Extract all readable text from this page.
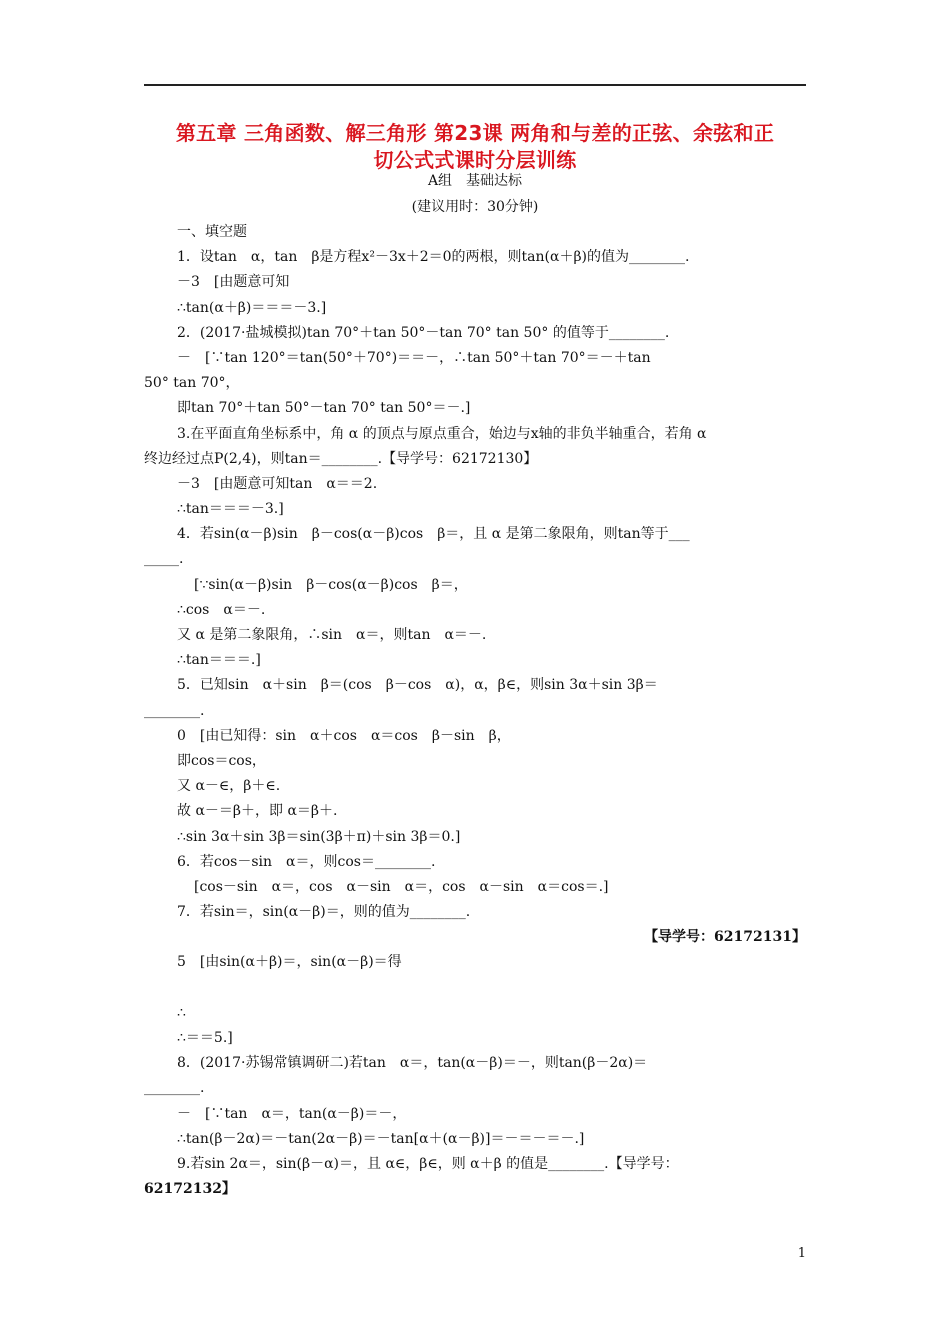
第五章 三角函数、解三角形 第23课 两角和与差的正弦、余弦和正
切公式式课时分层训练
A组　基础达标
(建议用时：30分钟)
一、填空题
1．设tan　α，tan　β是方程x²－3x＋2＝0的两根，则tan(α＋β)的值为________.
－3　[由题意可知
∴tan(α＋β)＝＝＝－3.]
2．(2017·盐城模拟)tan 70°＋tan 50°－tan 70° tan 50° 的值等于________.
－　[∵tan 120°＝tan(50°＋70°)＝＝－，∴tan 50°＋tan 70°＝－＋tan
50° tan 70°，
即tan 70°＋tan 50°－tan 70° tan 50°＝－.]
3.在平面直角坐标系中，角 α 的顶点与原点重合，始边与x轴的非负半轴重合，若角 α
终边经过点P(2,4)，则tan＝________.【导学号：62172130】
－3　[由题意可知tan　α＝＝2.
∴tan＝＝＝－3.]
4．若sin(α－β)sin　β－cos(α－β)cos　β＝，且 α 是第二象限角，则tan等于___
_____.
[∵sin(α－β)sin　β－cos(α－β)cos　β＝，
∴cos　α＝－.
又 α 是第二象限角，∴sin　α＝，则tan　α＝－.
∴tan＝＝＝.]
5．已知sin　α＋sin　β＝(cos　β－cos　α)，α，β∈，则sin 3α＋sin 3β＝
________.
0　[由已知得：sin　α＋cos　α＝cos　β－sin　β，
即cos＝cos，
又 α－∈，β＋∈.
故 α－＝β＋，即 α＝β＋.
∴sin 3α＋sin 3β＝sin(3β＋π)＋sin 3β＝0.]
6．若cos－sin　α＝，则cos＝________.
[cos－sin　α＝，cos　α－sin　α＝，cos　α－sin　α＝cos＝.]
7．若sin＝，sin(α－β)＝，则的值为________.
【导学号：62172131】
5　[由sin(α＋β)＝，sin(α－β)＝得
∴
∴＝＝5.]
8．(2017·苏锡常镇调研二)若tan　α＝，tan(α－β)＝－，则tan(β－2α)＝
________.
－　[∵tan　α＝，tan(α－β)＝－，
∴tan(β－2α)＝－tan(2α－β)＝－tan[α＋(α－β)]＝－＝－＝－.]
9.若sin 2α＝，sin(β－α)＝，且 α∈，β∈，则 α＋β 的值是________.【导学号：
62172132】
1
